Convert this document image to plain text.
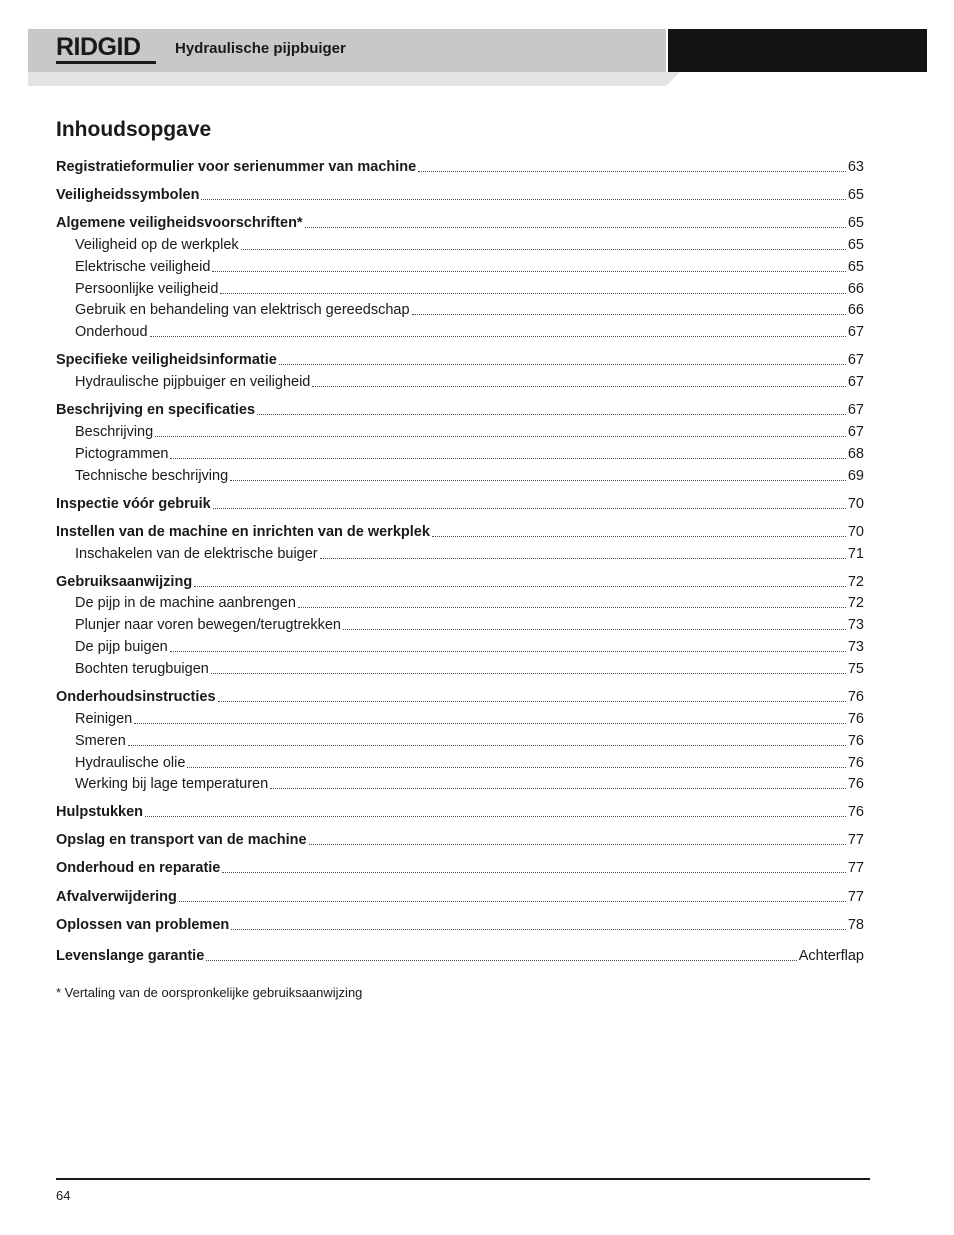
RIDGID	Hydraulische pijpbuiger
Inhoudsopgave
Registratieformulier voor serienummer van machine	63
Veiligheidssymbolen	65
Algemene veiligheidsvoorschriften*	65
Veiligheid op de werkplek	65
Elektrische veiligheid	65
Persoonlijke veiligheid	66
Gebruik en behandeling van elektrisch gereedschap	66
Onderhoud	67
Specifieke veiligheidsinformatie	67
Hydraulische pijpbuiger en veiligheid	67
Beschrijving en specificaties	67
Beschrijving	67
Pictogrammen	68
Technische beschrijving	69
Inspectie vóór gebruik	70
Instellen van de machine en inrichten van de werkplek	70
Inschakelen van de elektrische buiger	71
Gebruiksaanwijzing	72
De pijp in de machine aanbrengen	72
Plunjer naar voren bewegen/terugtrekken	73
De pijp buigen	73
Bochten terugbuigen	75
Onderhoudsinstructies	76
Reinigen	76
Smeren	76
Hydraulische olie	76
Werking bij lage temperaturen	76
Hulpstukken	76
Opslag en transport van de machine	77
Onderhoud en reparatie	77
Afvalverwijdering	77
Oplossen van problemen	78
Levenslange garantie	Achterflap
* Vertaling van de oorspronkelijke gebruiksaanwijzing
64
